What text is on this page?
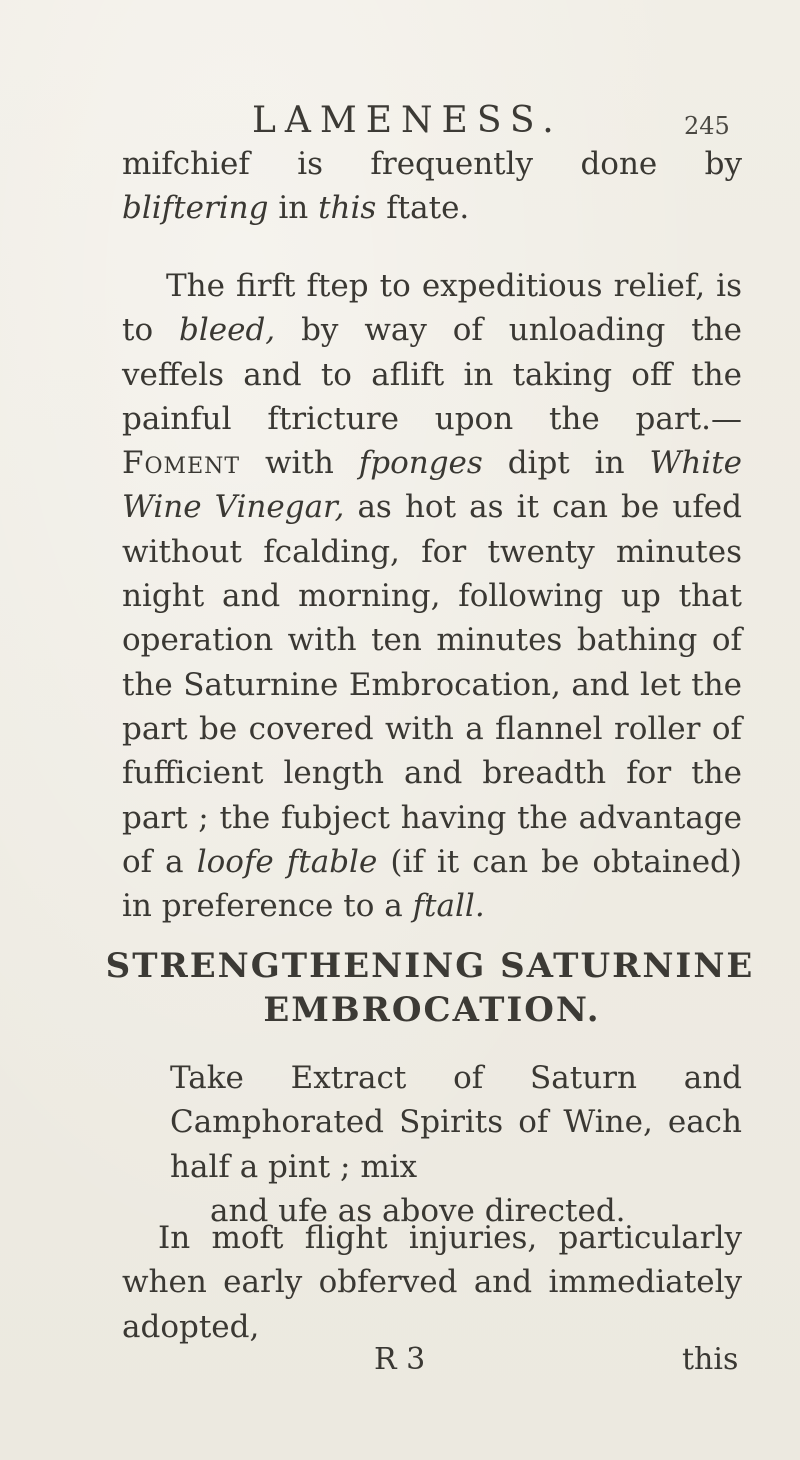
LAMENESS.	245

mifchief is frequently done by bliftering in this ftate.

The firft ftep to expeditious relief, is to bleed, by way of unloading the veffels and to aflift in taking off the painful ftricture upon the part.—Foment with fponges dipt in White Wine Vinegar, as hot as it can be ufed without fcalding, for twenty minutes night and morning, following up that operation with ten minutes bathing of the Saturnine Embrocation, and let the part be covered with a flannel roller of fufficient length and breadth for the part ; the fubject having the advantage of a loofe ftable (if it can be obtained) in preference to a ftall.

STRENGTHENING SATURNINE
EMBROCATION.

Take Extract of Saturn and Camphorated Spirits of Wine, each half a pint ; mix
and ufe as above directed.

In moft flight injuries, particularly when early obferved and immediately adopted,

R 3	this
